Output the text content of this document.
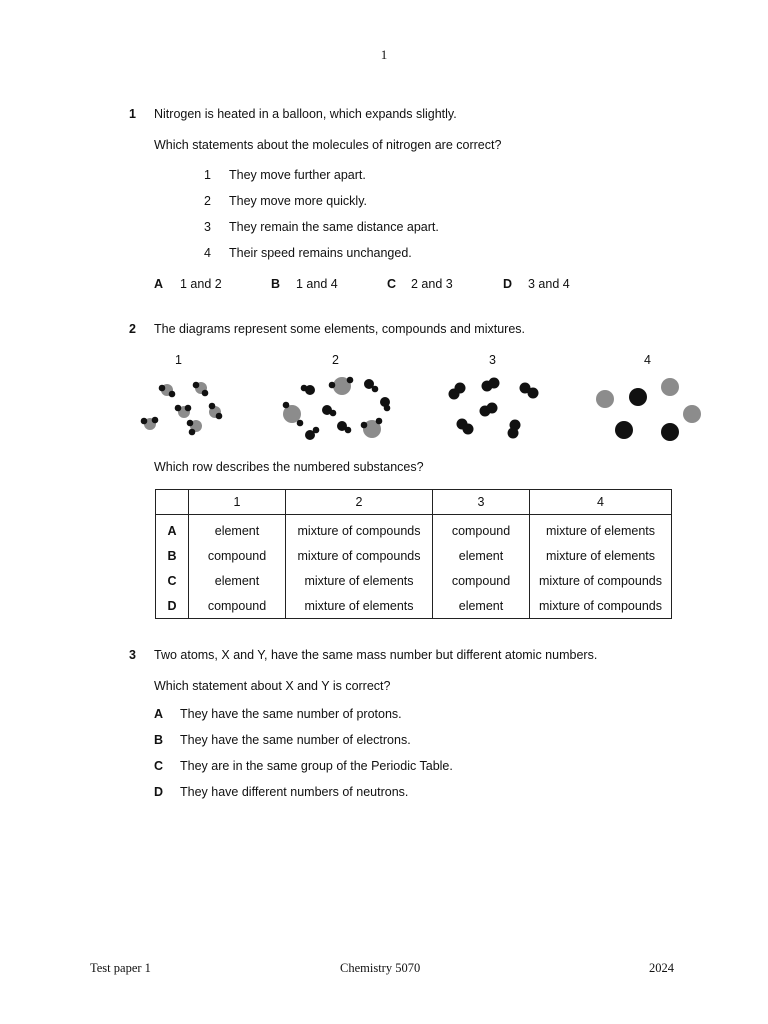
1
1 Nitrogen is heated in a balloon, which expands slightly.
Which statements about the molecules of nitrogen are correct?
1 They move further apart.
2 They move more quickly.
3 They remain the same distance apart.
4 Their speed remains unchanged.
A 1 and 2	B 1 and 4	C 2 and 3	D 3 and 4
2 The diagrams represent some elements, compounds and mixtures.
1	2	3	4
Which row describes the numbered substances?
	1	2	3	4
A	element	mixture of compounds	compound	mixture of elements
B	compound	mixture of compounds	element	mixture of elements
C	element	mixture of elements	compound	mixture of compounds
D	compound	mixture of elements	element	mixture of compounds
3 Two atoms, X and Y, have the same mass number but different atomic numbers.
Which statement about X and Y is correct?
A They have the same number of protons.
B They have the same number of electrons.
C They are in the same group of the Periodic Table.
D They have different numbers of neutrons.
Test paper 1	Chemistry 5070	2024
